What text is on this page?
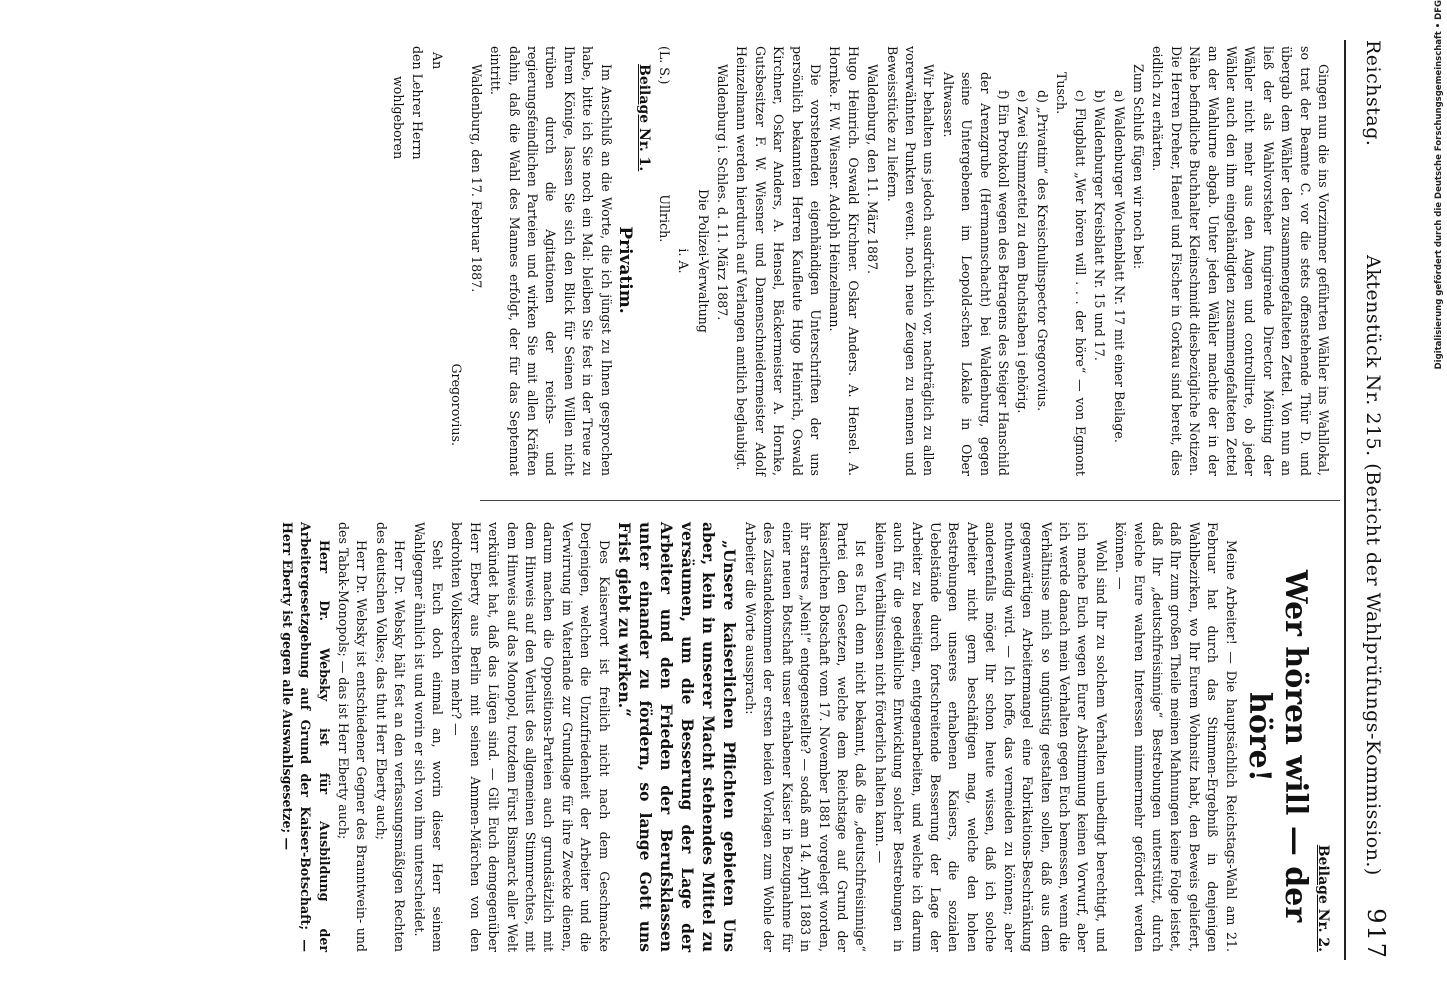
Reichstag.
Aktenstück Nr. 215. (Bericht der Wahlprüfungs-Kommission.)
917

Gingen nun die ins Vorzimmer geführten Wähler ins Wahllokal, so trat der Beamte C. vor die stets offenstehende Thür D. und übergab dem Wähler den zusammengefalteten Zettel. Von nun an ließ der als Wahlvorsteher fungirende Director Mönting der Wähler nicht mehr aus den Augen und controllirte, ob jeder Wähler auch den ihm eingehändigten zusammengefalteten Zettel an der Wahlurne abgab. Unter jeden Wähler machte der in der Nähe befindliche Buchhalter Kleinschmidt diesbezügliche Notizen. Die Herren Dreher, Haenel und Fischer in Gorkau sind bereit, dies eidlich zu erhärten.

Zum Schluß fügen wir noch bei:

a) Waldenburger Wochenblatt Nr. 17 mit einer Beilage.

b) Waldenburger Kreisblatt Nr. 15 und 17.

c) Flugblatt „Wer hören will . . . der höre“ — von Egmont Tusch.

d) „Privatim“ des Kreischulinspector Gregorovius.

e) Zwei Stimmzettel zu dem Buchstaben i gehörig.

f) Ein Protokoll wegen des Betragens des Steiger Hanschild der Arenzgrube (Hermannschacht) bei Waldenburg, gegen seine Untergebenen im Leopold-schen Lokale in Ober Altwasser.

Wir behalten uns jedoch ausdrücklich vor, nachträglich zu allen vorerwähnten Punkten event. noch neue Zeugen zu nennen und Beweisstücke zu liefern.

Waldenburg, den 11. März 1887.

Hugo Heinrich. Oswald Kirchner. Oskar Anders. A. Hensel. A. Hornke. F. W. Wiesner. Adolph Heinzelmann.

Die vorstehenden eigenhändigen Unterschriften der uns persönlich bekannten Herren Kaufleute Hugo Heinrich, Oswald Kirchner, Oskar Anders, A. Hensel, Bäckermeister A. Hornke, Gutsbesitzer F. W. Wiesner und Damenschneidermeister Adolf Heinzelmann werden hierdurch auf Verlangen amtlich beglaubigt.

Waldenburg i. Schles. d. 11. März 1887.

Die Polizei-Verwaltung

i. A.

(L. S.)Ullrich.

Beilage Nr. 1.

Privatim.

Im Anschluß an die Worte, die ich jüngst zu Ihnen gesprochen habe, bitte ich Sie noch ein Mal: bleiben Sie fest in der Treue zu Ihrem Könige, lassen Sie sich den Blick für Seinen Willen nicht trüben durch die Agitationen der reichs- und regierungsfeindlichen Parteien und wirken Sie mit allen Kräften dahin, daß die Wahl des Mannes erfolgt, der für das Septennat eintritt.

Waldenburg, den 17. Februar 1887.

Gregorovius.

An

den Lehrer Herrn

wohlgeboren

Beilage Nr. 2.

Wer hören will — der höre!

Meine Arbeiter! — Die hauptsächlich Reichstags-Wahl am 21. Februar hat durch das Stimmen-Ergebniß in denjenigen Wahlbezirken, wo Ihr Eurem Wohnsitz habt, den Beweis geliefert, daß Ihr zum großen Theile meinen Mahnungen keine Folge leistet, daß Ihr „deutschfreisinnige“ Bestrebungen unterstützt, durch welche Eure wahren Interessen nimmermehr gefördert werden können. —

Wohl sind Ihr zu solchem Verhalten unbedingt berechtigt, und ich mache Euch wegen Eurer Abstimmung keinen Vorwurf, aber ich werde danach mein Verhalten gegen Euch bemessen, wenn die Verhältnisse mich so ungünstig gestalten sollen, daß aus dem gegenwärtigen Arbeitermangel eine Fabrikations-Beschränkung nothwendig wird. — Ich hoffe, das vermeiden zu können; aber anderenfalls möget Ihr schon heute wissen, daß ich solche Arbeiter nicht gern beschäftigen mag, welche den hohen Bestrebungen unseres erhabenen Kaisers, die sozialen Uebelstände durch fortschreitende Besserung der Lage der Arbeiter zu beseitigen, entgegenarbeiten, und welche ich darum auch für die gedeihliche Entwicklung solcher Bestrebungen in kleinen Verhältnissen nicht förderlich halten kann. —

Ist es Euch denn nicht bekannt, daß die „deutschfreisinnige“ Partei den Gesetzen, welche dem Reichstage auf Grund der kaiserlichen Botschaft vom 17. November 1881 vorgelegt worden, ihr starres „Nein!“ entgegenstellte? — sodaß am 14. April 1883 in einer neuen Botschaft unser erhabener Kaiser in Bezugnahme für des Zustandekommen der ersten beiden Vorlagen zum Wohle der Arbeiter die Worte aussprach:

„Unsere kaiserlichen Pflichten gebieten Uns aber, kein in unserer Macht stehendes Mittel zu versäumen, um die Besserung der Lage der Arbeiter und den Frieden der Berufsklassen unter einander zu fördern, so lange Gott uns Frist giebt zu wirken.“

Des Kaiserwort ist freilich nicht nach dem Geschmacke Derjenigen, welchen die Unzufriedenheit der Arbeiter und die Verwirrung im Vaterlande zur Grundlage für ihre Zwecke dienen, darum machen die Oppositions-Parteien auch grundsätzlich mit dem Hinweis auf den Verlust des allgemeinen Stimmrechtes, mit dem Hinweis auf das Monopol, trotzdem Fürst Bismarck aller Welt verkündet hat, daß das Lügen sind. — Gilt Euch demgegenüber Herr Eberty aus Berlin mit seinen Ammen-Märchen von den bedrohten Volksrechten mehr? —

Seht Euch doch einmal an, worin dieser Herr seinem Wahlgegner ähnlich ist und worin er sich von ihm unterscheidet.

Herr Dr. Websky hält fest an den verfassungsmäßigen Rechten des deutschen Volkes; das thut Herr Eberty auch;

Herr Dr. Websky ist entschiedener Gegner des Branntwein- und des Tabak-Monopols; — das ist Herr Eberty auch;

Herr Dr. Websky ist für Ausbildung der Arbeitergesetzgebung auf Grund der Kaiser-Botschaft; — Herr Eberty ist gegen alle Auswahlsgesetze; —

Digitalisierung gefördert durch die Deutsche Forschungsgemeinschaft • DFG
